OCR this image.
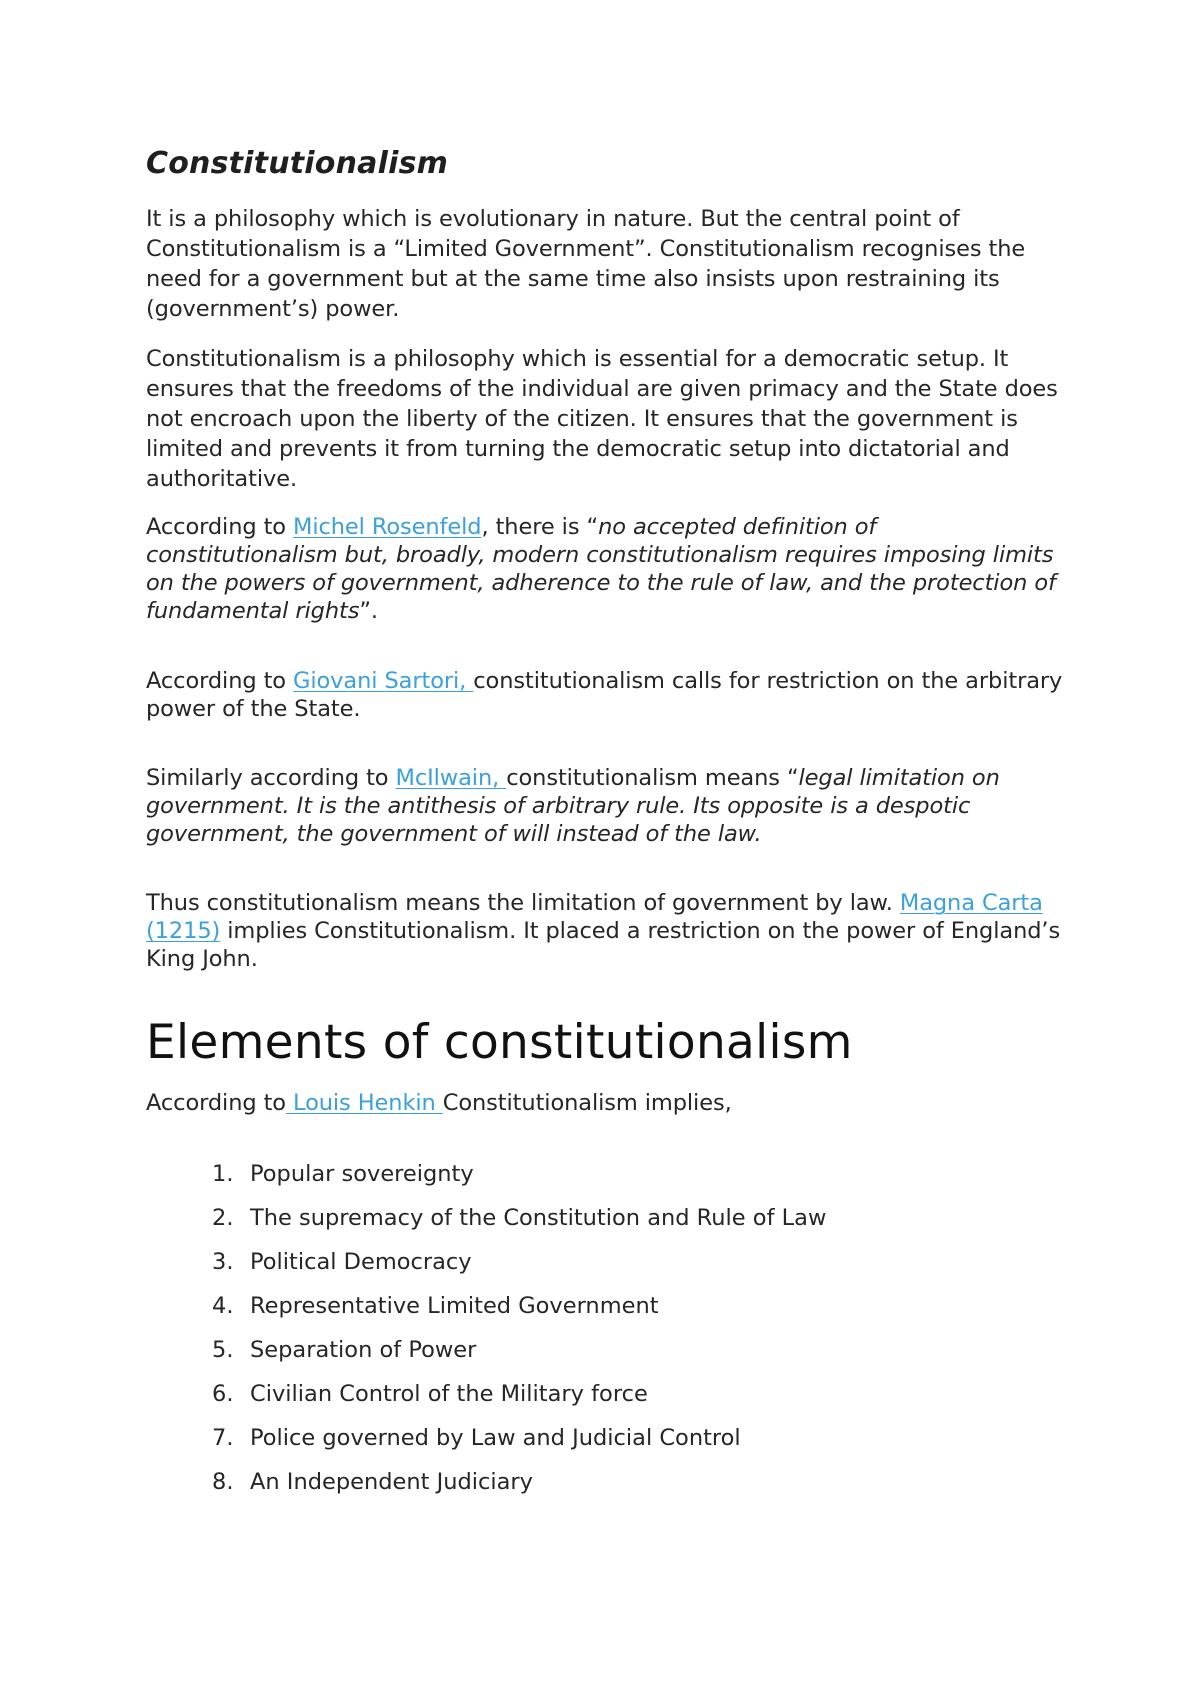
Constitutionalism

It is a philosophy which is evolutionary in nature. But the central point of Constitutionalism is a “Limited Government”. Constitutionalism recognises the need for a government but at the same time also insists upon restraining its (government’s) power.

Constitutionalism is a philosophy which is essential for a democratic setup. It ensures that the freedoms of the individual are given primacy and the State does not encroach upon the liberty of the citizen. It ensures that the government is limited and prevents it from turning the democratic setup into dictatorial and authoritative.

According to Michel Rosenfeld, there is “no accepted definition of constitutionalism but, broadly, modern constitutionalism requires imposing limits on the powers of government, adherence to the rule of law, and the protection of fundamental rights”.

According to Giovani Sartori, constitutionalism calls for restriction on the arbitrary power of the State.

Similarly according to McIlwain, constitutionalism means “legal limitation on government. It is the antithesis of arbitrary rule. Its opposite is a despotic government, the government of will instead of the law.

Thus constitutionalism means the limitation of government by law. Magna Carta (1215) implies Constitutionalism. It placed a restriction on the power of England’s King John.

Elements of constitutionalism

According to Louis Henkin Constitutionalism implies,

1. Popular sovereignty
2. The supremacy of the Constitution and Rule of Law
3. Political Democracy
4. Representative Limited Government
5. Separation of Power
6. Civilian Control of the Military force
7. Police governed by Law and Judicial Control
8. An Independent Judiciary
